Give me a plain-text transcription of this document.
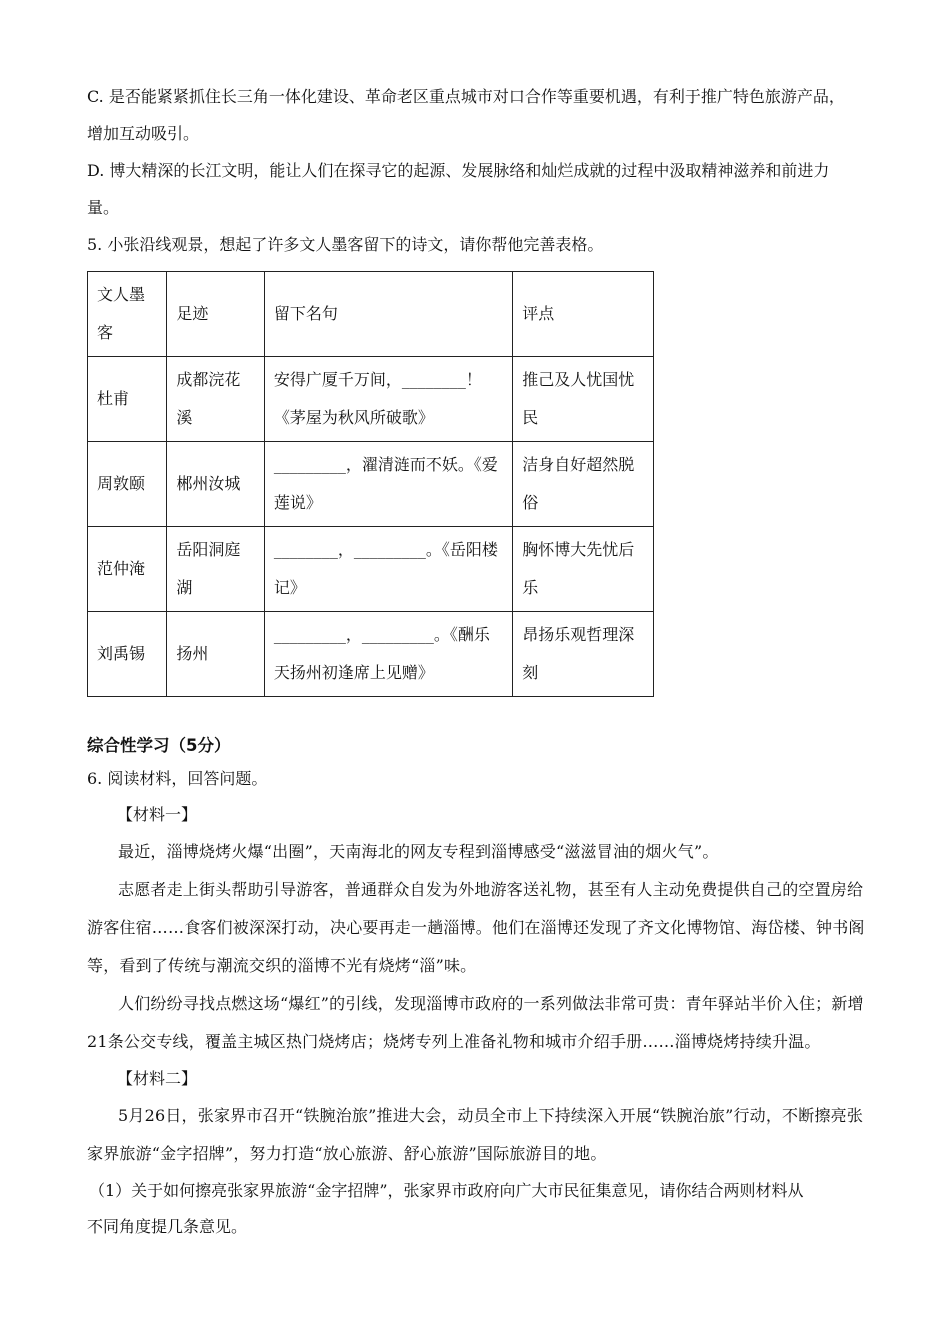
C. 是否能紧紧抓住长三角一体化建设、革命老区重点城市对口合作等重要机遇，有利于推广特色旅游产品，

增加互动吸引。

D. 博大精深的长江文明，能让人们在探寻它的起源、发展脉络和灿烂成就的过程中汲取精神滋养和前进力

量。

5. 小张沿线观景，想起了许多文人墨客留下的诗文，请你帮他完善表格。

文人墨客	足迹	留下名句	评点
杜甫	成都浣花溪	安得广厦千万间，________！《茅屋为秋风所破歌》	推己及人忧国忧民
周敦颐	郴州汝城	_________，濯清涟而不妖。《爱莲说》	洁身自好超然脱俗
范仲淹	岳阳洞庭湖	________，_________。《岳阳楼记》	胸怀博大先忧后乐
刘禹锡	扬州	_________，_________。《酬乐天扬州初逢席上见赠》	昂扬乐观哲理深刻
综合性学习（5分）

6. 阅读材料，回答问题。

【材料一】

最近，淄博烧烤火爆“出圈”，天南海北的网友专程到淄博感受“滋滋冒油的烟火气”。

志愿者走上街头帮助引导游客，普通群众自发为外地游客送礼物，甚至有人主动免费提供自己的空置房给游客住宿……食客们被深深打动，决心要再走一趟淄博。他们在淄博还发现了齐文化博物馆、海岱楼、钟书阁等，看到了传统与潮流交织的淄博不光有烧烤“淄”味。

人们纷纷寻找点燃这场“爆红”的引线，发现淄博市政府的一系列做法非常可贵：青年驿站半价入住；新增21条公交专线，覆盖主城区热门烧烤店；烧烤专列上准备礼物和城市介绍手册……淄博烧烤持续升温。

【材料二】

5月26日，张家界市召开“铁腕治旅”推进大会，动员全市上下持续深入开展“铁腕治旅”行动，不断擦亮张家界旅游“金字招牌”，努力打造“放心旅游、舒心旅游”国际旅游目的地。

（1）关于如何擦亮张家界旅游“金字招牌”，张家界市政府向广大市民征集意见，请你结合两则材料从

不同角度提几条意见。
